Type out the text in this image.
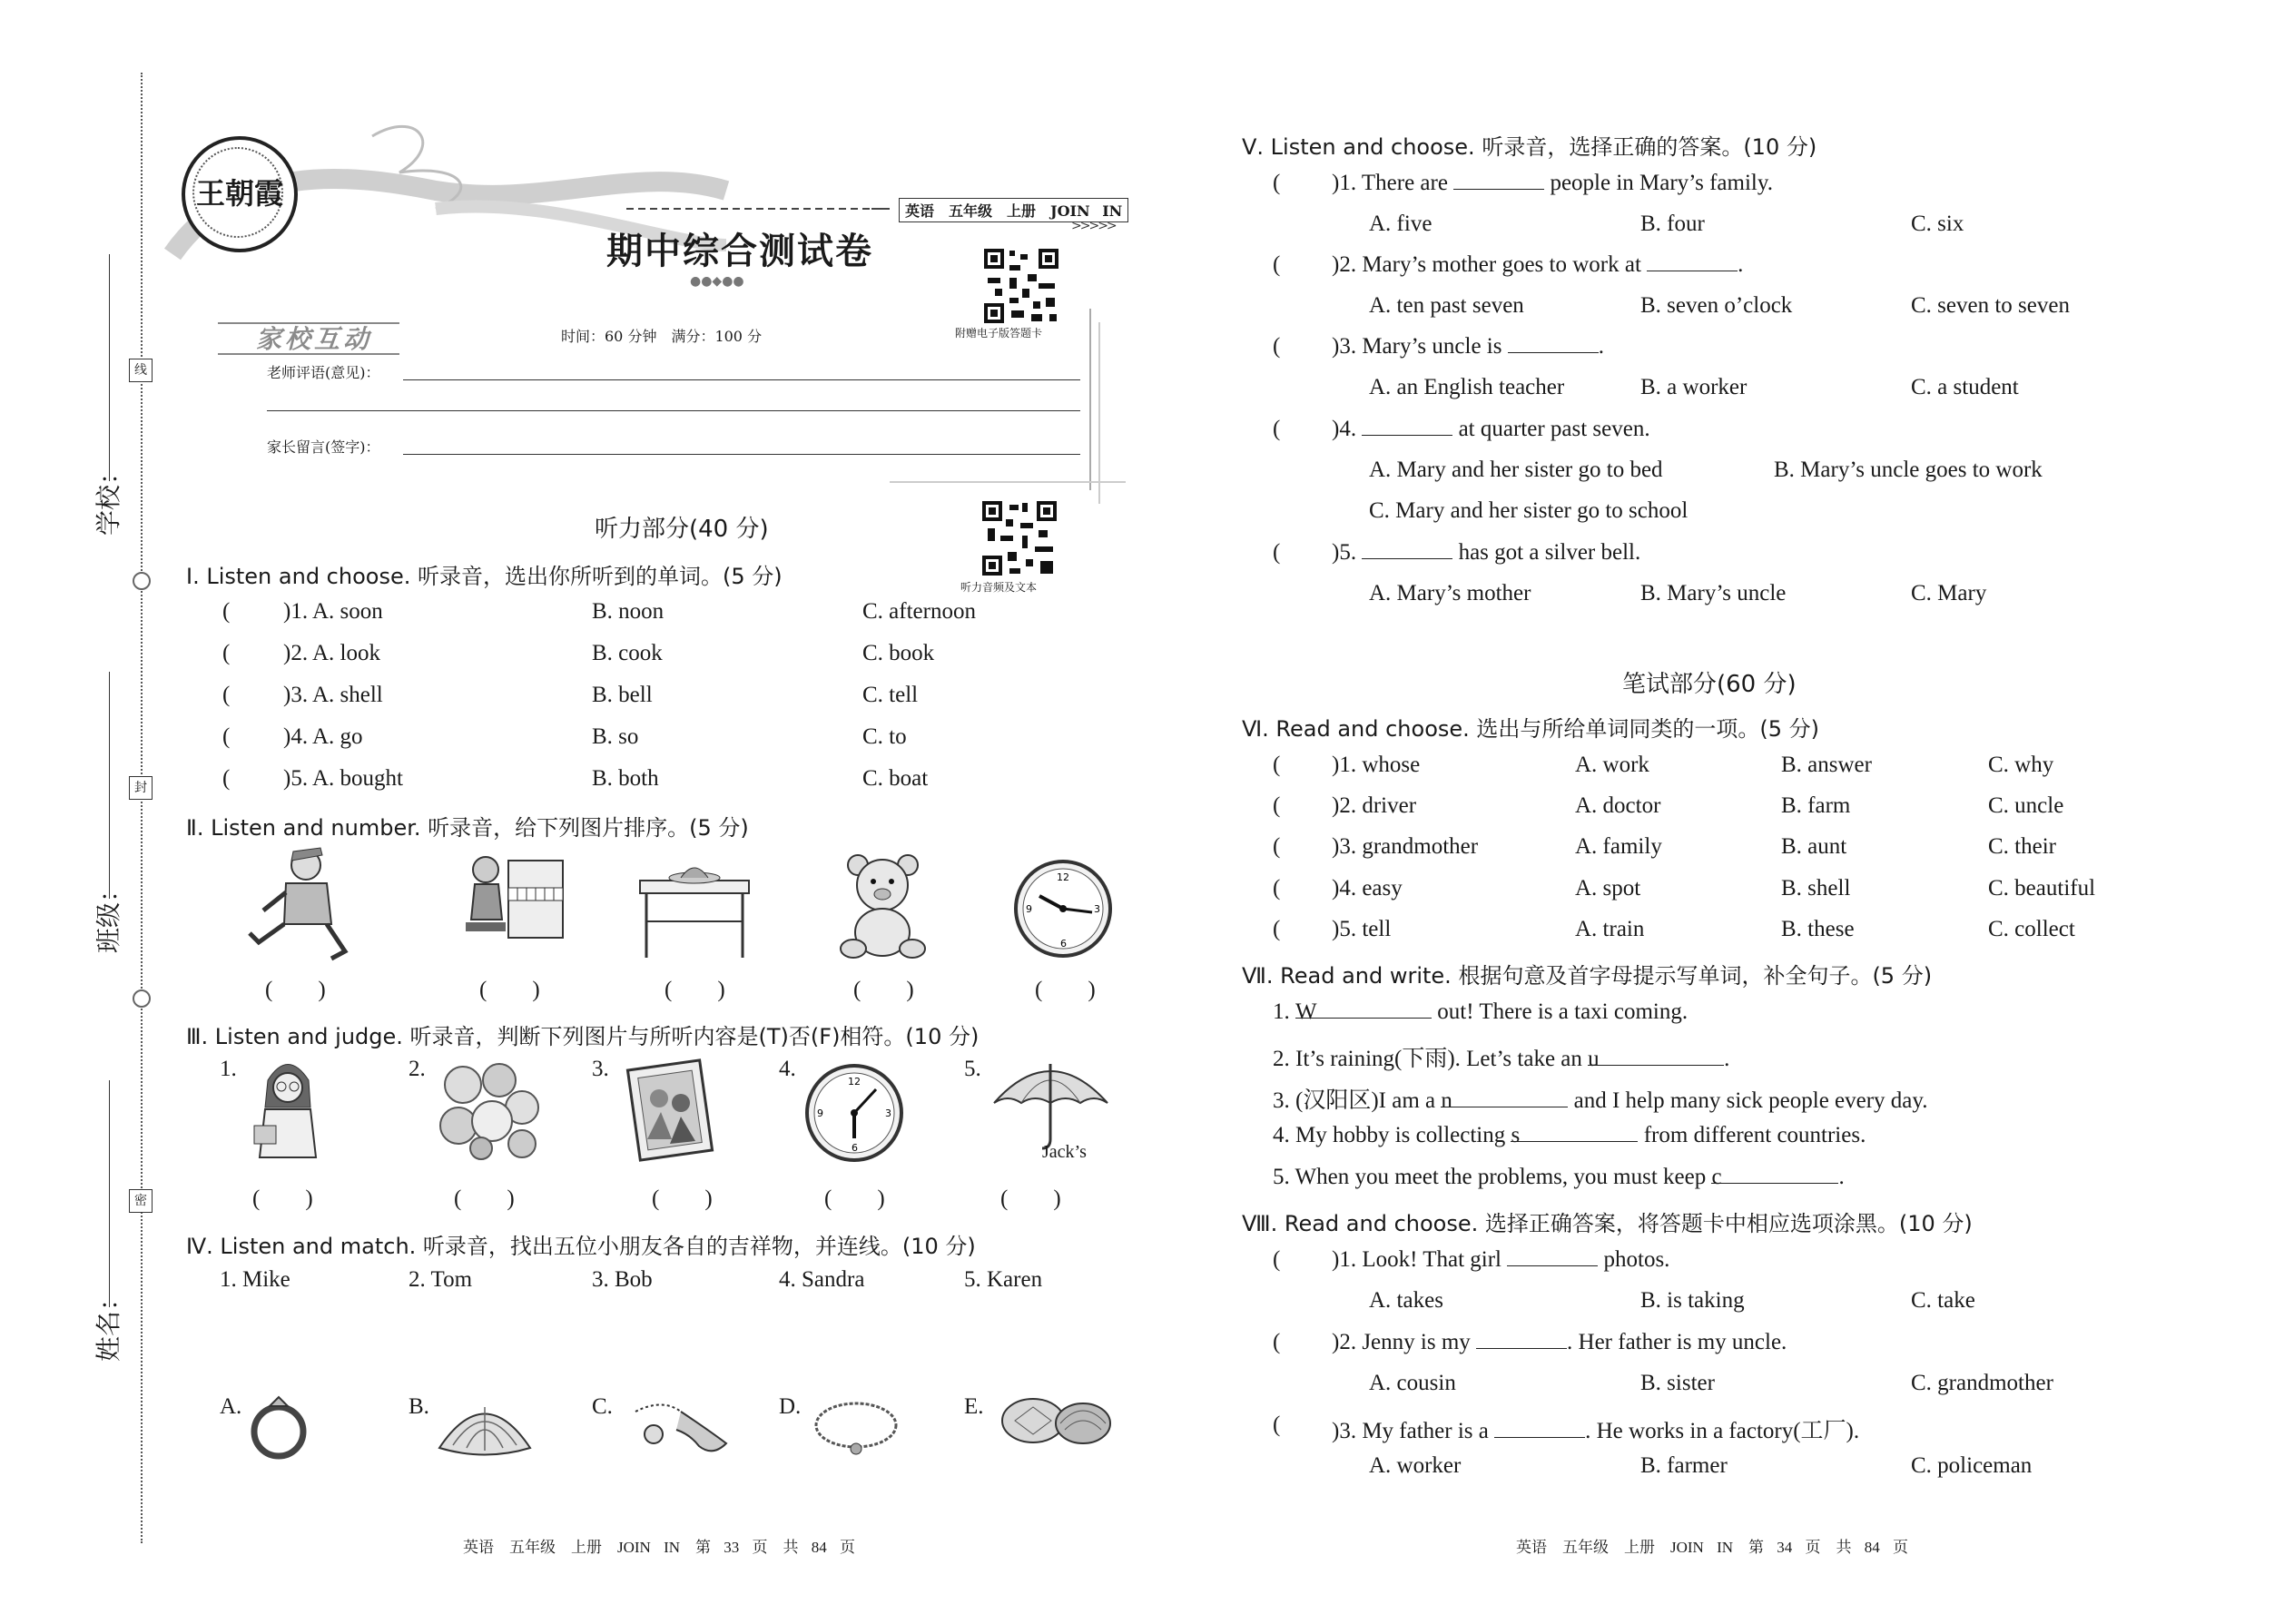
学校：
班级：
姓名：
线
封
密
王朝霞
英语　五年级　上册　JOIN IN
>>>>>
期中综合测试卷
●●◆●●
附赠电子版答题卡
听力音频及文本
家校互动	时间：60 分钟　满分：100 分
老师评语(意见)：
家长留言(签字)：
听力部分(40 分)
Ⅰ. Listen and choose. 听录音，选出你所听到的单词。(5 分)
( )1. A. soon	B. noon	C. afternoon
( )2. A. look	B. cook	C. book
( )3. A. shell	B. bell	C. tell
( )4. A. go	B. so	C. to
( )5. A. bought	B. both	C. boat
Ⅱ. Listen and number. 听录音，给下列图片排序。(5 分)
12
3
6
9
(　　)	(　　)	(　　)	(　　)	(　　)
Ⅲ. Listen and judge. 听录音，判断下列图片与所听内容是(T)否(F)相符。(10 分)
1.	2.	3.	4.	5.
12
3
6
9
Jack’s
(　　)	(　　)	(　　)	(　　)	(　　)
Ⅳ. Listen and match. 听录音，找出五位小朋友各自的吉祥物，并连线。(10 分)
1. Mike	2. Tom	3. Bob	4. Sandra	5. Karen
A.	B.	C.	D.	E.
英语　五年级　上册　JOIN IN　第 33 页　共 84 页
Ⅴ. Listen and choose. 听录音，选择正确的答案。(10 分)
( )1. There are	people in Mary’s family.
A. five	B. four	C. six
( )2. Mary’s mother goes to work at	.
A. ten past seven	B. seven o’clock	C. seven to seven
( )3. Mary’s uncle is	.
A. an English teacher	B. a worker	C. a student
( )4.	at quarter past seven.
A. Mary and her sister go to bed	B. Mary’s uncle goes to work
C. Mary and her sister go to school
( )5.	has got a silver bell.
A. Mary’s mother	B. Mary’s uncle	C. Mary
笔试部分(60 分)
Ⅵ. Read and choose. 选出与所给单词同类的一项。(5 分)
( )1. whose	A. work	B. answer	C. why
( )2. driver	A. doctor	B. farm	C. uncle
( )3. grandmother	A. family	B. aunt	C. their
( )4. easy	A. spot	B. shell	C. beautiful
( )5. tell	A. train	B. these	C. collect
Ⅶ. Read and write. 根据句意及首字母提示写单词，补全句子。(5 分)
1. W	out! There is a taxi coming.
2. It’s raining(下雨). Let’s take an u	.
3. (汉阳区)I am a n	and I help many sick people every day.
4. My hobby is collecting s	from different countries.
5. When you meet the problems, you must keep c	.
Ⅷ. Read and choose. 选择正确答案，将答题卡中相应选项涂黑。(10 分)
( )1. Look! That girl	photos.
A. takes	B. is taking	C. take
( )2. Jenny is my	. Her father is my uncle.
A. cousin	B. sister	C. grandmother
( )3. My father is a	. He works in a factory(工厂).
A. worker	B. farmer	C. policeman
英语　五年级　上册　JOIN IN　第 34 页　共 84 页
